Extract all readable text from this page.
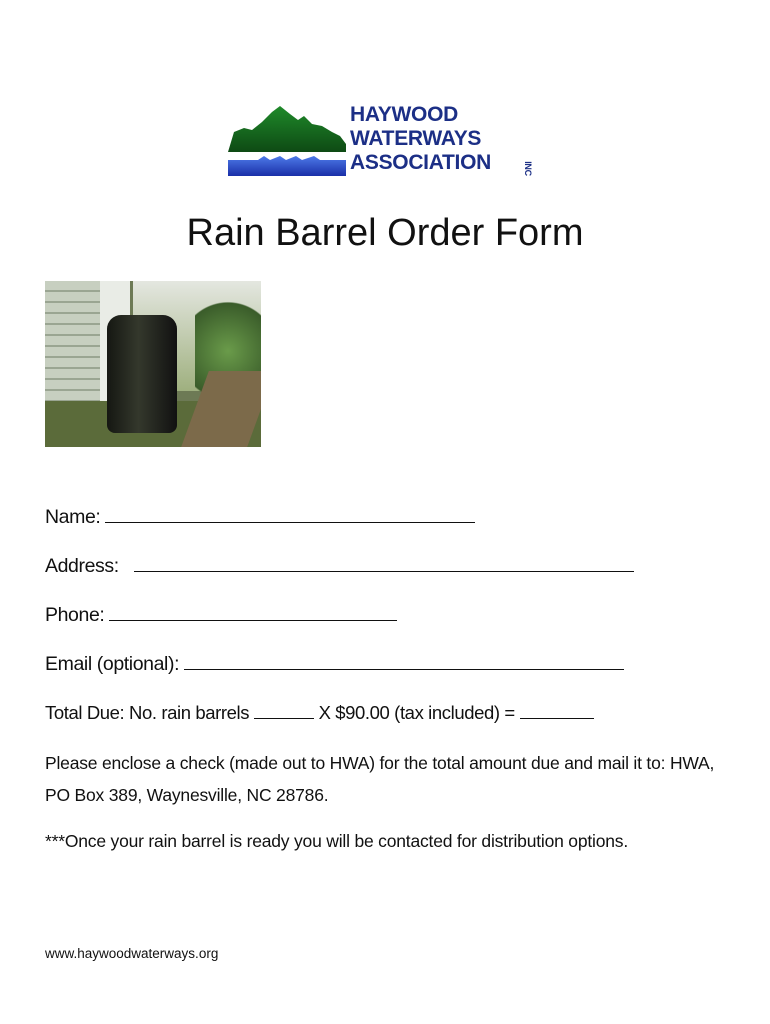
HAYWOOD
WATERWAYS
ASSOCIATION	INC
Rain Barrel Order Form
Name:
Address:
Phone:
Email (optional):
Total Due: No. rain barrels	X $90.00 (tax included) =
Please enclose a check (made out to HWA) for the total amount due and mail it to: HWA, PO Box 389, Waynesville, NC 28786.
***Once your rain barrel is ready you will be contacted for distribution options.
www.haywoodwaterways.org
